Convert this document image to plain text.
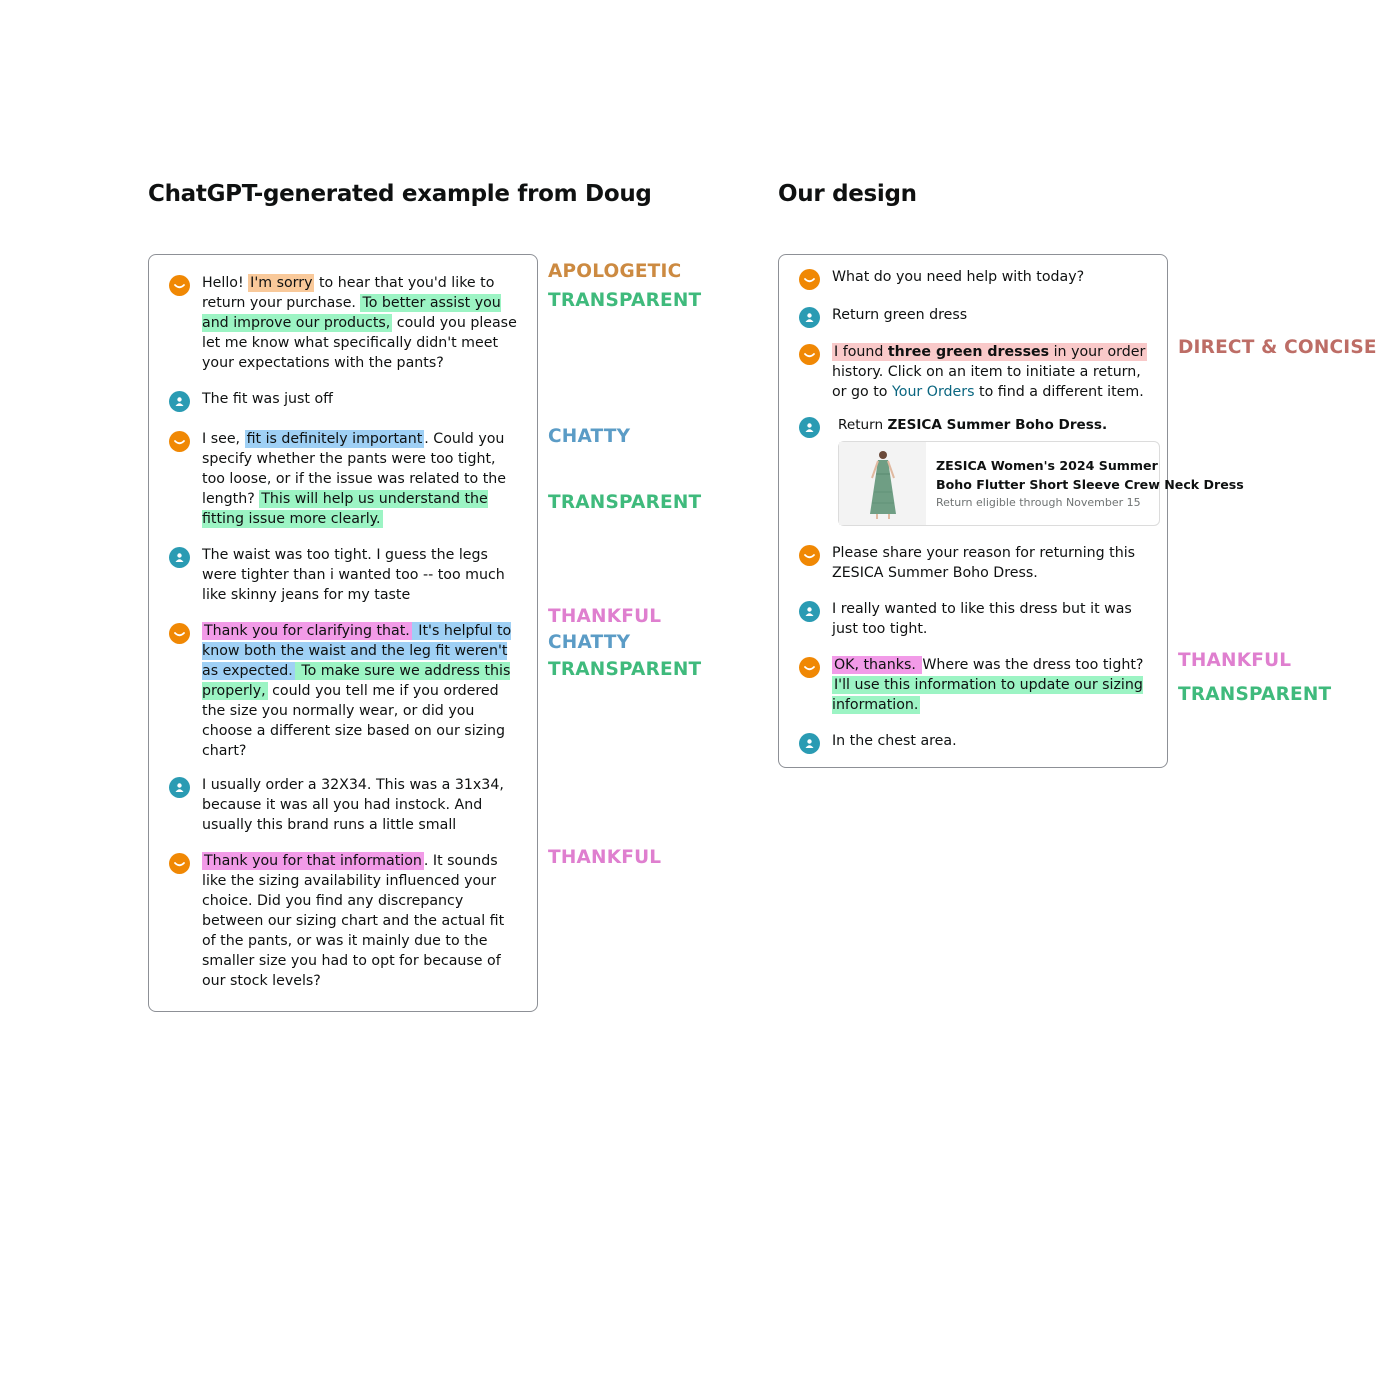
ChatGPT-generated example from Doug	Our design
Hello! I'm sorry to hear that you'd like to return your purchase. To better assist you and improve our products, could you please let me know what specifically didn't meet your expectations with the pants?
The fit was just off
I see, fit is definitely important . Could you specify whether the pants were too tight, too loose, or if the issue was related to the length? This will help us understand the fitting issue more clearly.
The waist was too tight. I guess the legs were tighter than i wanted too -- too much like skinny jeans for my taste
Thank you for clarifying that. It's helpful to know both the waist and the leg fit weren't as expected. To make sure we address this properly, could you tell me if you ordered the size you normally wear, or did you choose a different size based on our sizing chart?
I usually order a 32X34. This was a 31x34, because it was all you had instock. And usually this brand runs a little small
Thank you for that information . It sounds like the sizing availability influenced your choice. Did you find any discrepancy between our sizing chart and the actual fit of the pants, or was it mainly due to the smaller size you had to opt for because of our stock levels?
APOLOGETIC
TRANSPARENT
CHATTY
TRANSPARENT
THANKFUL
CHATTY
TRANSPARENT
THANKFUL
What do you need help with today?
Return green dress
I found three green dresses in your order history. Click on an item to initiate a return, or go to Your Orders to find a different item.
Return ZESICA Summer Boho Dress.
ZESICA Women's 2024 Summer
Boho Flutter Short Sleeve Crew Neck Dress
Return eligible through November 15
Please share your reason for returning this ZESICA Summer Boho Dress.
I really wanted to like this dress but it was just too tight.
OK, thanks. Where was the dress too tight? I'll use this information to update our sizing information.
In the chest area.
DIRECT & CONCISE
THANKFUL
TRANSPARENT
